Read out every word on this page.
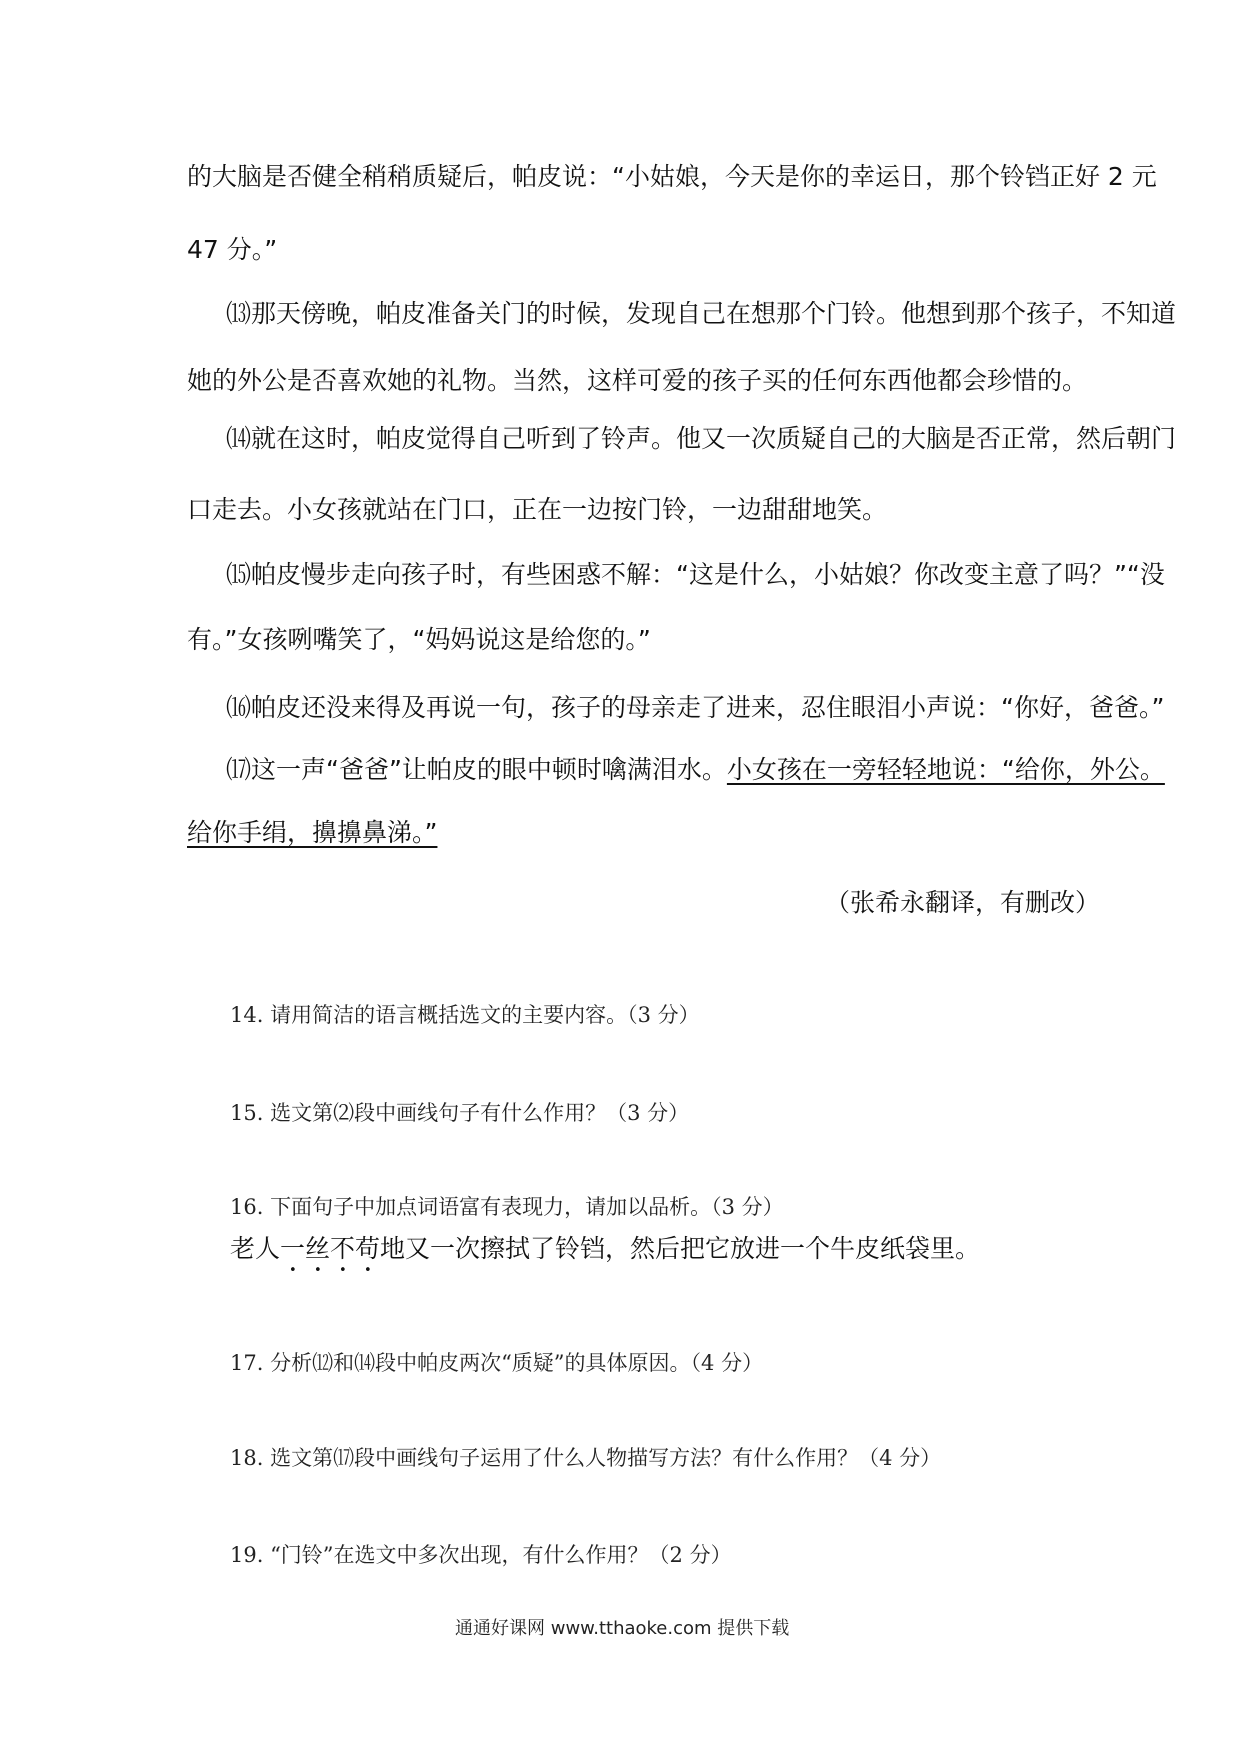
的大脑是否健全稍稍质疑后，帕皮说：“小姑娘，今天是你的幸运日，那个铃铛正好 2 元
47 分。”
⒀那天傍晚，帕皮准备关门的时候，发现自己在想那个门铃。他想到那个孩子，不知道
她的外公是否喜欢她的礼物。当然，这样可爱的孩子买的任何东西他都会珍惜的。
⒁就在这时，帕皮觉得自己听到了铃声。他又一次质疑自己的大脑是否正常，然后朝门
口走去。小女孩就站在门口，正在一边按门铃，一边甜甜地笑。
⒂帕皮慢步走向孩子时，有些困惑不解：“这是什么，小姑娘？你改变主意了吗？”“没
有。”女孩咧嘴笑了，“妈妈说这是给您的。”
⒃帕皮还没来得及再说一句，孩子的母亲走了进来，忍住眼泪小声说：“你好，爸爸。”
⒄这一声“爸爸”让帕皮的眼中顿时噙满泪水。小女孩在一旁轻轻地说：“给你，外公。
给你手绢，擤擤鼻涕。”
（张希永翻译，有删改）
14. 请用简洁的语言概括选文的主要内容。（3 分）
15. 选文第⑵段中画线句子有什么作用？（3 分）
16. 下面句子中加点词语富有表现力，请加以品析。（3 分）
老人一丝不苟地又一次擦拭了铃铛，然后把它放进一个牛皮纸袋里。
17. 分析⑿和⒁段中帕皮两次“质疑”的具体原因。（4 分）
18. 选文第⒄段中画线句子运用了什么人物描写方法？有什么作用？（4 分）
19. “门铃”在选文中多次出现，有什么作用？（2 分）
通通好课网 www.tthaoke.com 提供下载
